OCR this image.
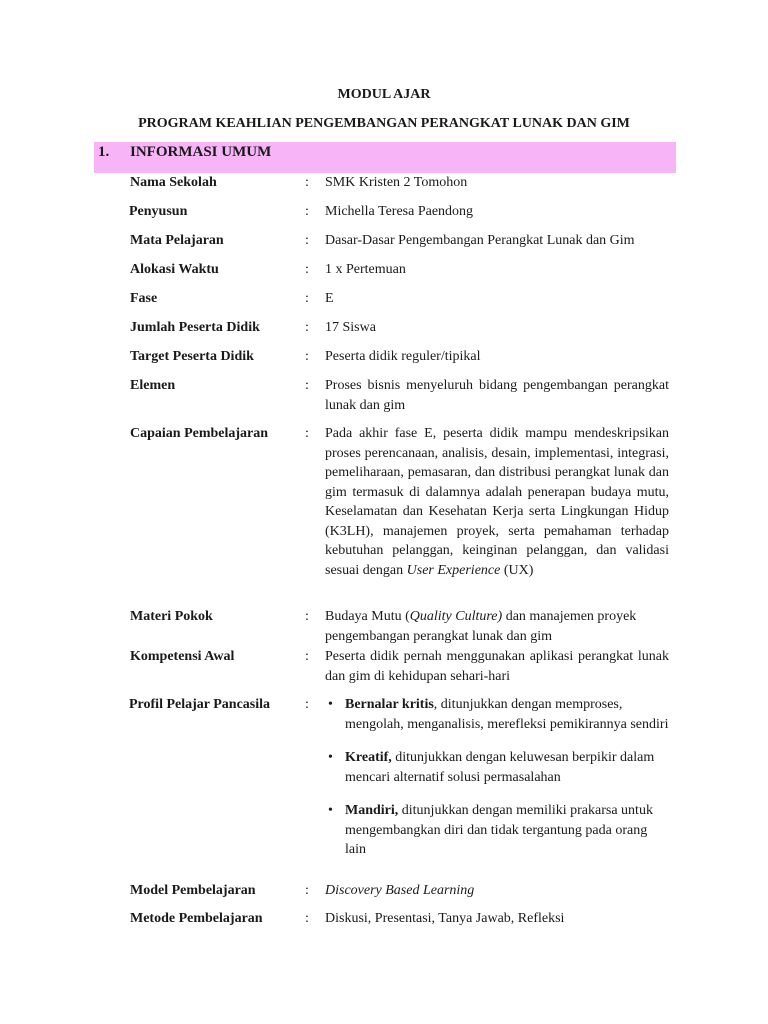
MODUL AJAR
PROGRAM KEAHLIAN PENGEMBANGAN PERANGKAT LUNAK DAN GIM
1. INFORMASI UMUM
Nama Sekolah	: SMK Kristen 2 Tomohon
Penyusun	: Michella Teresa Paendong
Mata Pelajaran	: Dasar-Dasar Pengembangan Perangkat Lunak dan Gim
Alokasi Waktu	: 1 x Pertemuan
Fase	: E
Jumlah Peserta Didik	: 17 Siswa
Target Peserta Didik	: Peserta didik reguler/tipikal
Elemen	: Proses bisnis menyeluruh bidang pengembangan perangkat lunak dan gim
Capaian Pembelajaran	: Pada akhir fase E, peserta didik mampu mendeskripsikan proses perencanaan, analisis, desain, implementasi, integrasi, pemeliharaan, pemasaran, dan distribusi perangkat lunak dan gim termasuk di dalamnya adalah penerapan budaya mutu, Keselamatan dan Kesehatan Kerja serta Lingkungan Hidup (K3LH), manajemen proyek, serta pemahaman terhadap kebutuhan pelanggan, keinginan pelanggan, dan validasi sesuai dengan User Experience (UX)
Materi Pokok	: Budaya Mutu (Quality Culture) dan manajemen proyek pengembangan perangkat lunak dan gim
Kompetensi Awal	: Peserta didik pernah menggunakan aplikasi perangkat lunak dan gim di kehidupan sehari-hari
Profil Pelajar Pancasila	: • Bernalar kritis, ditunjukkan dengan memproses, mengolah, menganalisis, merefleksi pemikirannya sendiri
• Kreatif, ditunjukkan dengan keluwesan berpikir dalam mencari alternatif solusi permasalahan
• Mandiri, ditunjukkan dengan memiliki prakarsa untuk mengembangkan diri dan tidak tergantung pada orang lain
Model Pembelajaran	: Discovery Based Learning
Metode Pembelajaran	: Diskusi, Presentasi, Tanya Jawab, Refleksi
